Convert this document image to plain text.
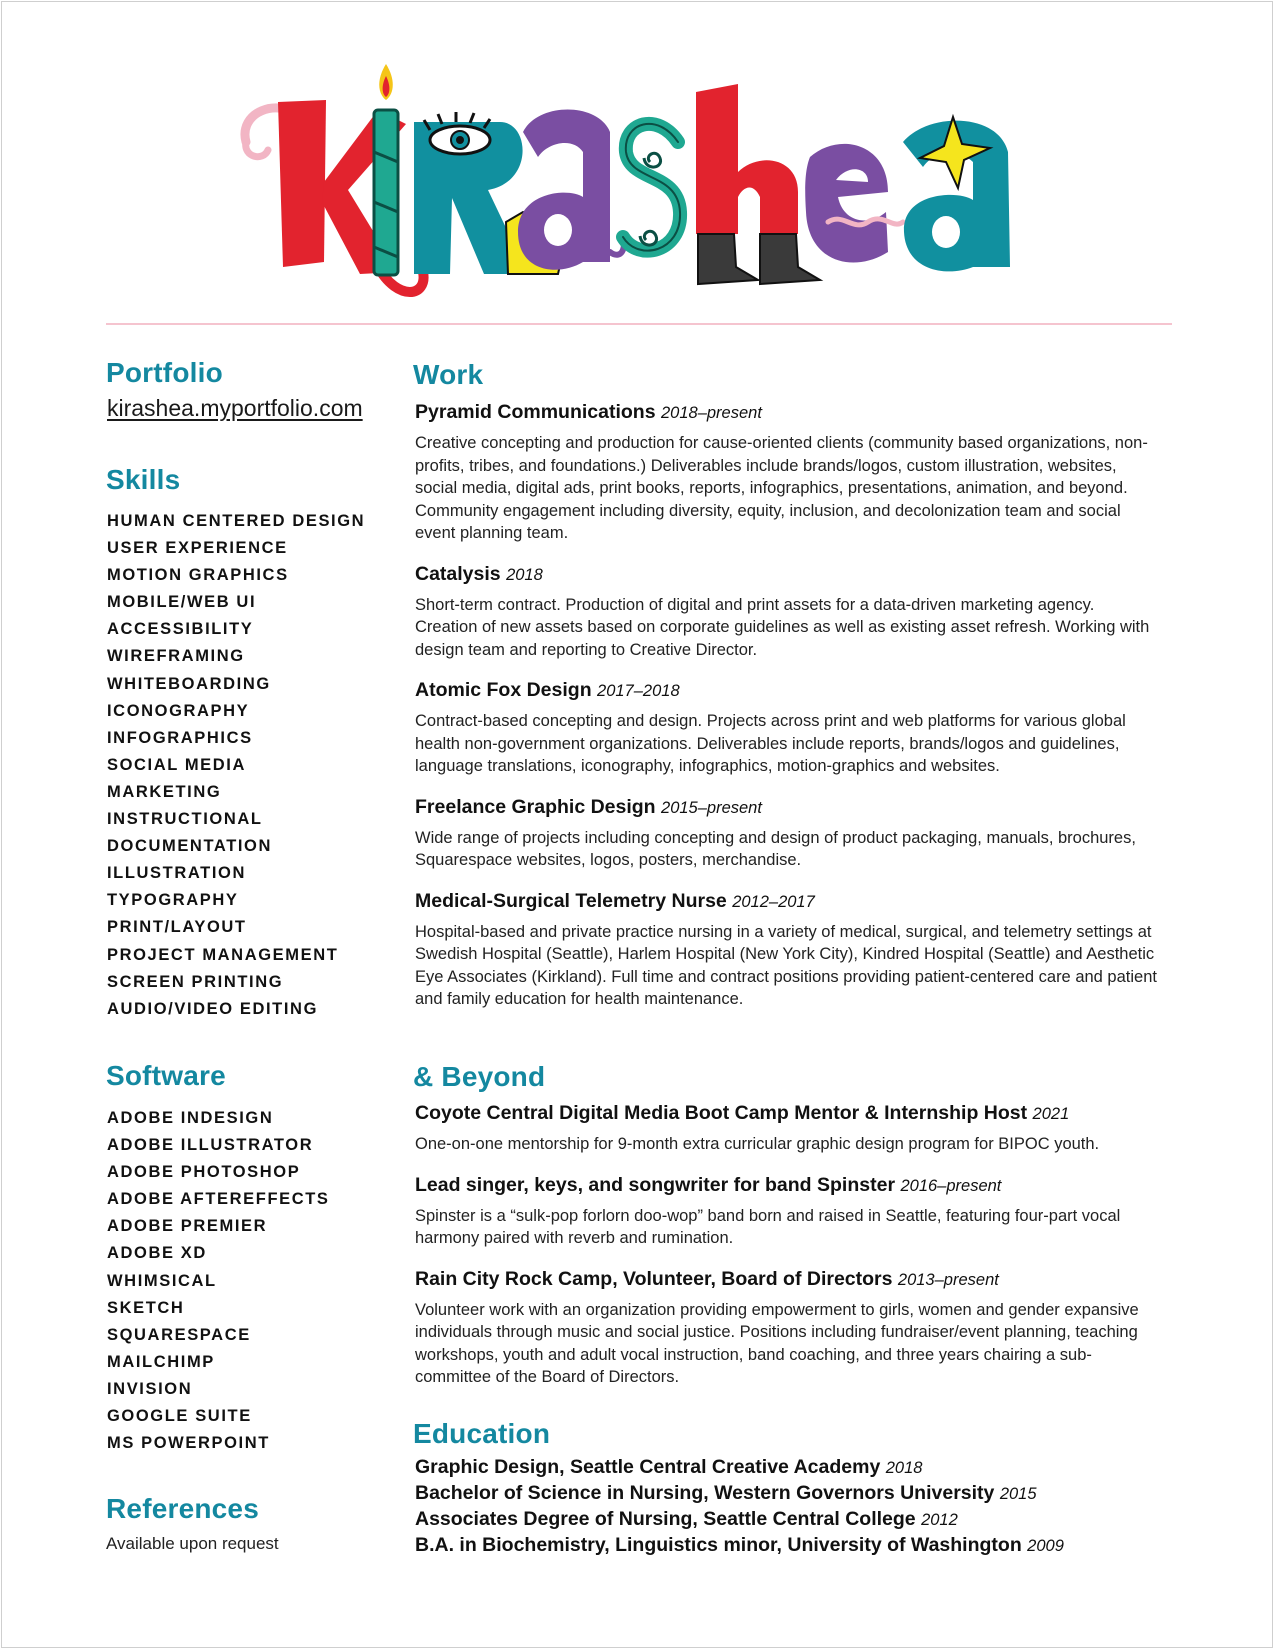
Portfolio
kirashea.myportfolio.com
Skills
HUMAN CENTERED DESIGN
USER EXPERIENCE
MOTION GRAPHICS
MOBILE/WEB UI
ACCESSIBILITY
WIREFRAMING
WHITEBOARDING
ICONOGRAPHY
INFOGRAPHICS
SOCIAL MEDIA
MARKETING
INSTRUCTIONAL
DOCUMENTATION
ILLUSTRATION
TYPOGRAPHY
PRINT/LAYOUT
PROJECT MANAGEMENT
SCREEN PRINTING
AUDIO/VIDEO EDITING
Software
ADOBE INDESIGN
ADOBE ILLUSTRATOR
ADOBE PHOTOSHOP
ADOBE AFTEREFFECTS
ADOBE PREMIER
ADOBE XD
WHIMSICAL
SKETCH
SQUARESPACE
MAILCHIMP
INVISION
GOOGLE SUITE
MS POWERPOINT
References
Available upon request
Work
Pyramid Communications 2018–present

Creative concepting and production for cause-oriented clients (community based organizations, non-profits, tribes, and foundations.) Deliverables include brands/logos, custom illustration, websites, social media, digital ads, print books, reports, infographics, presentations, animation, and beyond. Community engagement including diversity, equity, inclusion, and decolonization team and social event planning team.

Catalysis 2018

Short-term contract. Production of digital and print assets for a data-driven marketing agency. Creation of new assets based on corporate guidelines as well as existing asset refresh. Working with design team and reporting to Creative Director.

Atomic Fox Design 2017–2018

Contract-based concepting and design. Projects across print and web platforms for various global health non-government organizations. Deliverables include reports, brands/logos and guidelines, language translations, iconography, infographics, motion-graphics and websites.

Freelance Graphic Design 2015–present

Wide range of projects including concepting and design of product packaging, manuals, brochures, Squarespace websites, logos, posters, merchandise.

Medical-Surgical Telemetry Nurse 2012–2017

Hospital-based and private practice nursing in a variety of medical, surgical, and telemetry settings at Swedish Hospital (Seattle), Harlem Hospital (New York City), Kindred Hospital (Seattle) and Aesthetic Eye Associates (Kirkland). Full time and contract positions providing patient-centered care and patient and family education for health maintenance.

& Beyond
Coyote Central Digital Media Boot Camp Mentor & Internship Host 2021

One-on-one mentorship for 9-month extra curricular graphic design program for BIPOC youth.

Lead singer, keys, and songwriter for band Spinster 2016–present

Spinster is a “sulk-pop forlorn doo-wop” band born and raised in Seattle, featuring four-part vocal harmony paired with reverb and rumination.

Rain City Rock Camp, Volunteer, Board of Directors 2013–present

Volunteer work with an organization providing empowerment to girls, women and gender expansive individuals through music and social justice. Positions including fundraiser/event planning, teaching workshops, youth and adult vocal instruction, band coaching, and three years chairing a sub-committee of the Board of Directors.

Education
Graphic Design, Seattle Central Creative Academy 2018
Bachelor of Science in Nursing, Western Governors University 2015
Associates Degree of Nursing, Seattle Central College 2012
B.A. in Biochemistry, Linguistics minor, University of Washington 2009
